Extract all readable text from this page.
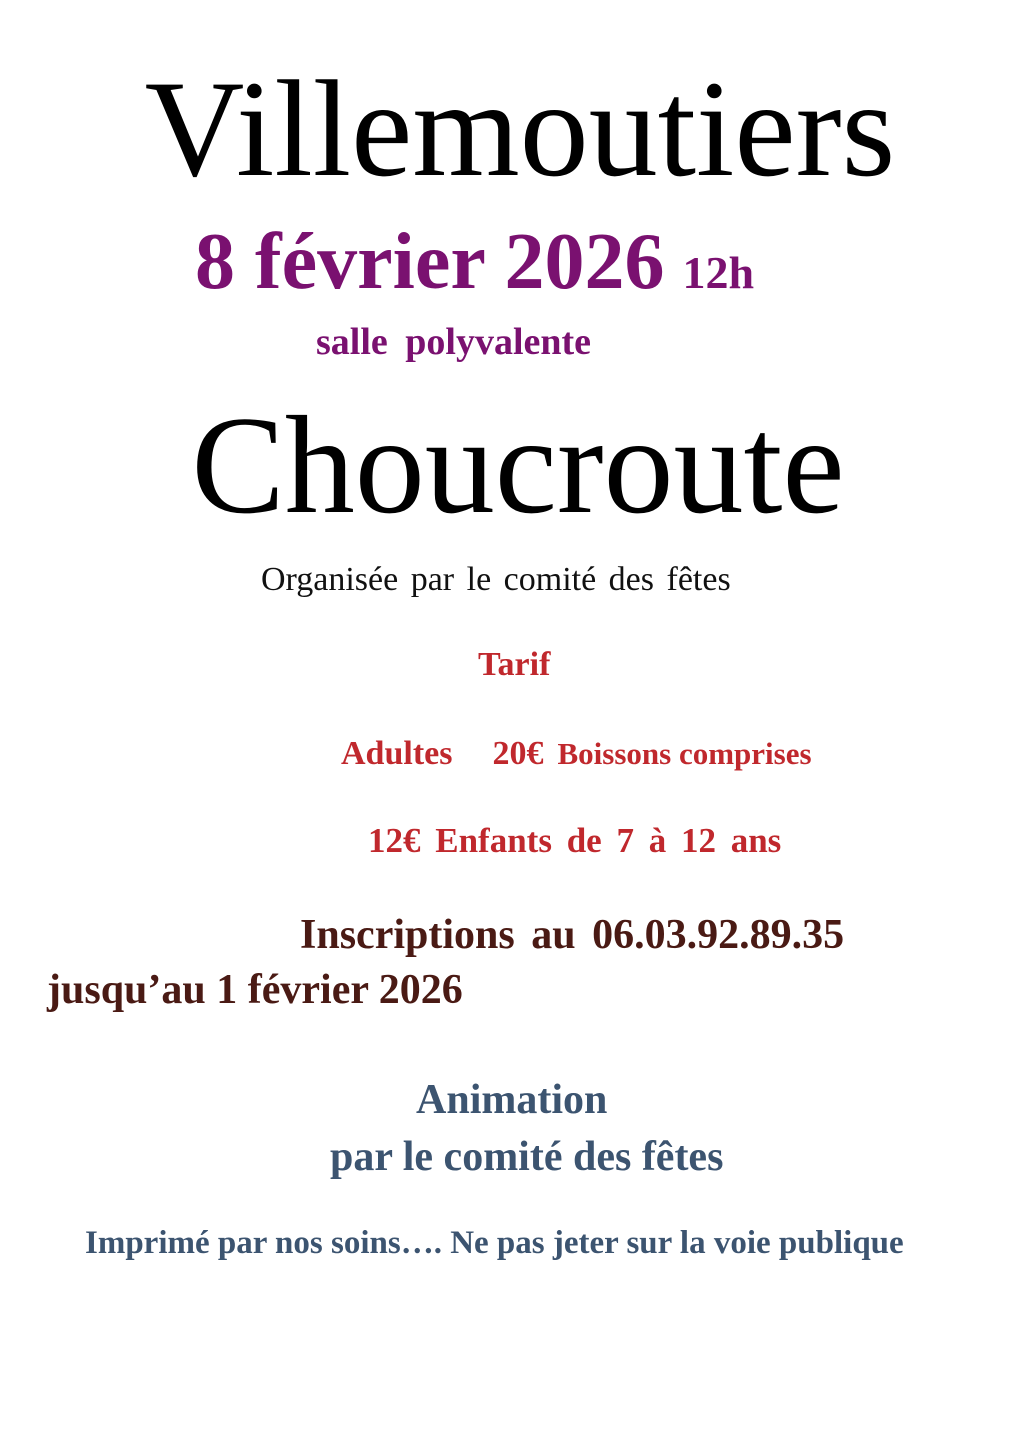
Villemoutiers
8 février 2026 12h
salle polyvalente
Choucroute
Organisée par le comité des fêtes
Tarif
Adultes 20€ Boissons comprises
12€ Enfants de 7 à 12 ans
Inscriptions au 06.03.92.89.35
jusqu’au 1 février 2026
Animation
par le comité des fêtes
Imprimé par nos soins…. Ne pas jeter sur la voie publique
